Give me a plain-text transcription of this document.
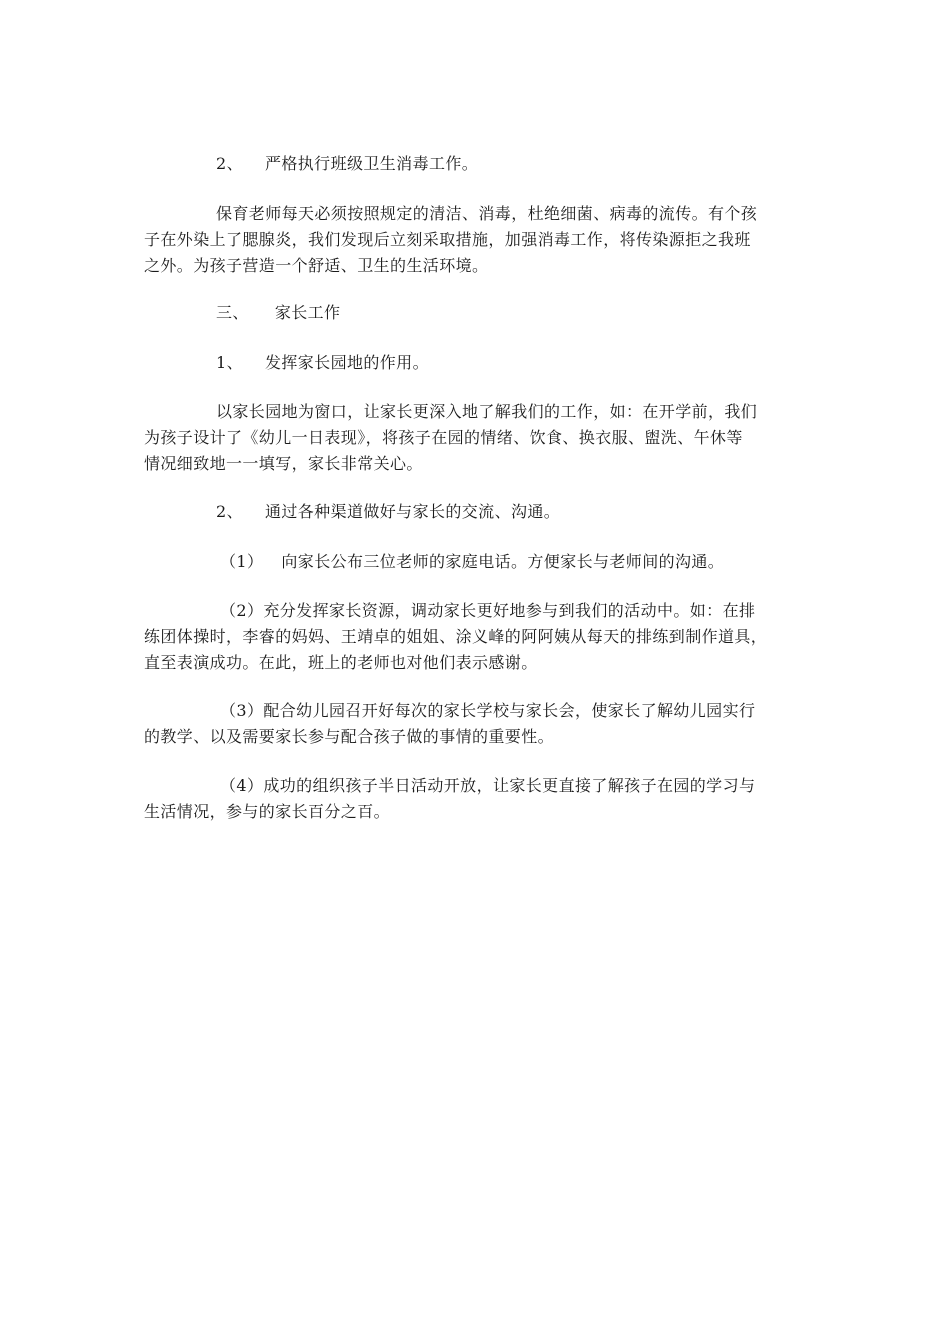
2、 严格执行班级卫生消毒工作。
保育老师每天必须按照规定的清洁、消毒，杜绝细菌、病毒的流传。有个孩
子在外染上了腮腺炎，我们发现后立刻采取措施，加强消毒工作，将传染源拒之我班
之外。为孩子营造一个舒适、卫生的生活环境。
三、 家长工作
1、 发挥家长园地的作用。
以家长园地为窗口，让家长更深入地了解我们的工作，如：在开学前，我们
为孩子设计了《幼儿一日表现》，将孩子在园的情绪、饮食、换衣服、盥洗、午休等
情况细致地一一填写，家长非常关心。
2、 通过各种渠道做好与家长的交流、沟通。
（1） 向家长公布三位老师的家庭电话。方便家长与老师间的沟通。
（2）充分发挥家长资源，调动家长更好地参与到我们的活动中。如：在排
练团体操时，李睿的妈妈、王靖卓的姐姐、涂义峰的阿阿姨从每天的排练到制作道具，
直至表演成功。在此，班上的老师也对他们表示感谢。
（3）配合幼儿园召开好每次的家长学校与家长会，使家长了解幼儿园实行
的教学、以及需要家长参与配合孩子做的事情的重要性。
（4）成功的组织孩子半日活动开放，让家长更直接了解孩子在园的学习与
生活情况，参与的家长百分之百。
